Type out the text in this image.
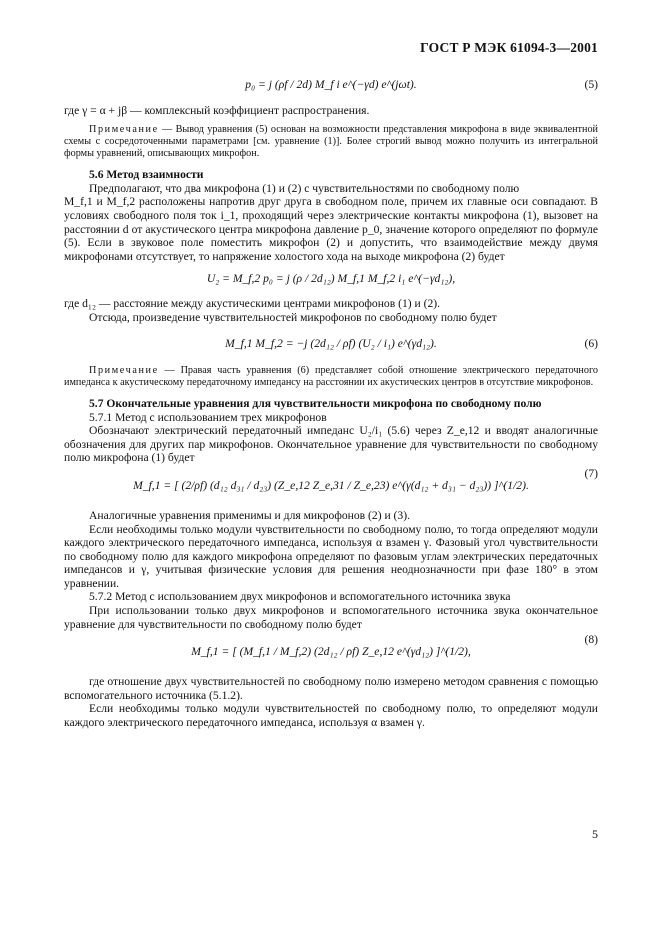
ГОСТ Р МЭК 61094-3—2001
p₀ = j (ρf / 2d) M_f i e^(−γd) e^(jωt).	(5)

где γ = α + jβ — комплексный коэффициент распространения.

Примечание — Вывод уравнения (5) основан на возможности представления микрофона в виде эквивалентной схемы с сосредоточенными параметрами [см. уравнение (1)]. Более строгий вывод можно получить из интегральной формы уравнений, описывающих микрофон.

5.6 Метод взаимности

Предполагают, что два микрофона (1) и (2) с чувствительностями по свободному полю

M_f,1 и M_f,2 расположены напротив друг друга в свободном поле, причем их главные оси совпадают. В условиях свободного поля ток i_1, проходящий через электрические контакты микрофона (1), вызовет на расстоянии d от акустического центра микрофона давление p_0, значение которого определяют по формуле (5). Если в звуковое поле поместить микрофон (2) и допустить, что взаимодействие между двумя микрофонами отсутствует, то напряжение холостого хода на выходе микрофона (2) будет

U₂ = M_f,2 p₀ = j (ρ / 2d₁₂) M_f,1 M_f,2 i₁ e^(−γd₁₂),

где d₁₂ — расстояние между акустическими центрами микрофонов (1) и (2).

Отсюда, произведение чувствительностей микрофонов по свободному полю будет

M_f,1 M_f,2 = −j (2d₁₂ / ρf) (U₂ / i₁) e^(γd₁₂).	(6)

Примечание — Правая часть уравнения (6) представляет собой отношение электрического передаточного импеданса к акустическому передаточному импедансу на расстоянии их акустических центров в отсутствие микрофонов.

5.7 Окончательные уравнения для чувствительности микрофона по свободному полю

5.7.1 Метод с использованием трех микрофонов

Обозначают электрический передаточный импеданс U₂/i₁ (5.6) через Z_e,12 и вводят аналогичные обозначения для других пар микрофонов. Окончательное уравнение для чувствительности по свободному полю микрофона (1) будет

M_f,1 = [ (2/ρf) (d₁₂ d₃₁ / d₂₃) (Z_e,12 Z_e,31 / Z_e,23) e^(γ(d₁₂ + d₃₁ − d₂₃)) ]^(1/2).
(7)

Аналогичные уравнения применимы и для микрофонов (2) и (3).

Если необходимы только модули чувствительности по свободному полю, то тогда определяют модули каждого электрического передаточного импеданса, используя α взамен γ. Фазовый угол чувствительности по свободному полю для каждого микрофона определяют по фазовым углам электрических передаточных импедансов и γ, учитывая физические условия для решения неоднозначности при фазе 180° в этом уравнении.

5.7.2 Метод с использованием двух микрофонов и вспомогательного источника звука

При использовании только двух микрофонов и вспомогательного источника звука окончательное уравнение для чувствительности по свободному полю будет

M_f,1 = [ (M_f,1 / M_f,2) (2d₁₂ / ρf) Z_e,12 e^(γd₁₂) ]^(1/2),
(8)

где отношение двух чувствительностей по свободному полю измерено методом сравнения с помощью вспомогательного источника (5.1.2).

Если необходимы только модули чувствительностей по свободному полю, то определяют модули каждого электрического передаточного импеданса, используя α взамен γ.

5
